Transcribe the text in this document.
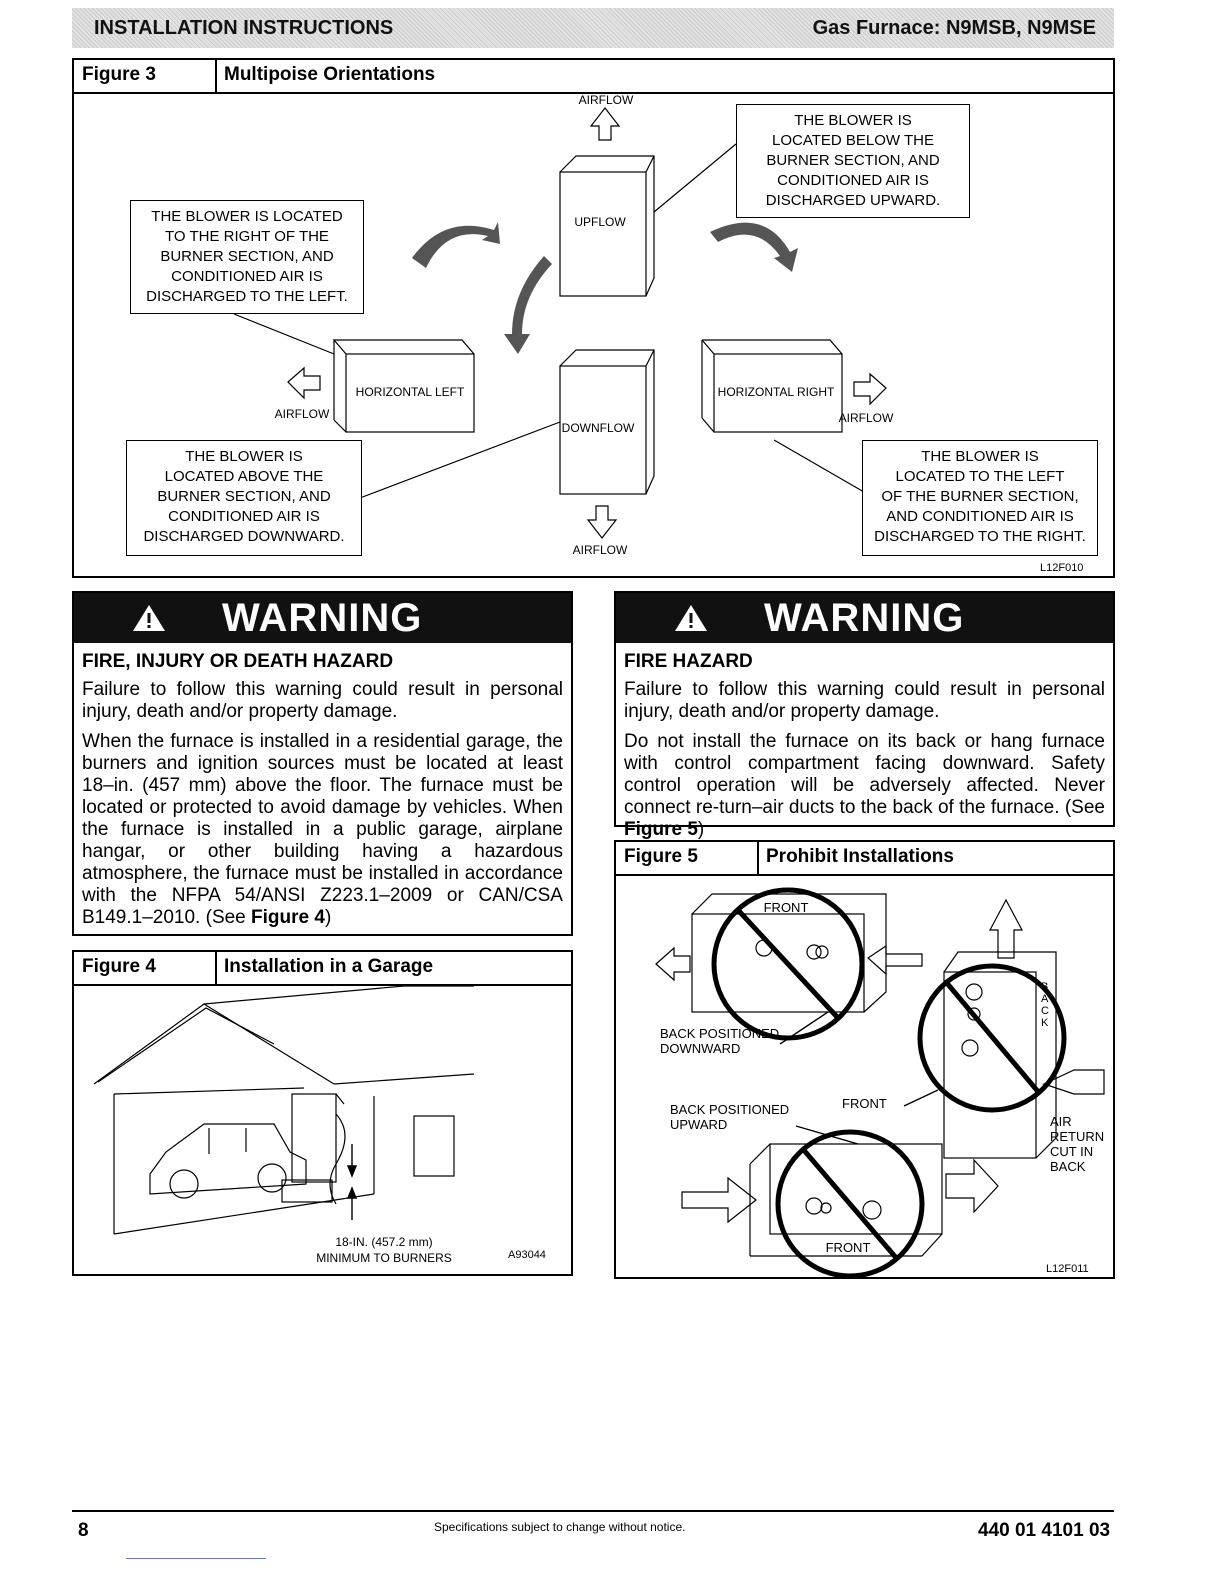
INSTALLATION INSTRUCTIONS	Gas Furnace: N9MSB, N9MSE
Figure 3	Multipoise Orientations
AIRFLOW
UPFLOW
HORIZONTAL LEFT
AIRFLOW
DOWNFLOW
AIRFLOW
HORIZONTAL RIGHT
AIRFLOW
THE BLOWER IS
LOCATED BELOW THE
BURNER SECTION, AND
CONDITIONED AIR IS
DISCHARGED UPWARD.
THE BLOWER IS LOCATED
TO THE RIGHT OF THE
BURNER SECTION, AND
CONDITIONED AIR IS
DISCHARGED TO THE LEFT.
THE BLOWER IS
LOCATED ABOVE THE
BURNER SECTION, AND
CONDITIONED AIR IS
DISCHARGED DOWNWARD.
THE BLOWER IS
LOCATED TO THE LEFT
OF THE BURNER SECTION,
AND CONDITIONED AIR IS
DISCHARGED TO THE RIGHT.
L12F010
WARNING
FIRE, INJURY OR DEATH HAZARD

Failure to follow this warning could result in personal injury, death and/or property damage.

When the furnace is installed in a residential garage, the burners and ignition sources must be located at least 18–in. (457 mm) above the floor. The furnace must be located or protected to avoid damage by vehicles. When the furnace is installed in a public garage, airplane hangar, or other building having a hazardous atmosphere, the furnace must be installed in accordance with the NFPA 54/ANSI Z223.1–2009 or CAN/CSA B149.1–2010. (See Figure 4)

WARNING
FIRE HAZARD

Failure to follow this warning could result in personal injury, death and/or property damage.

Do not install the furnace on its back or hang furnace with control compartment facing downward. Safety control operation will be adversely affected. Never connect re-turn–air ducts to the back of the furnace. (See Figure 5)

Figure 4	Installation in a Garage
18-IN. (457.2 mm)
MINIMUM TO BURNERS	A93044
Figure 5	Prohibit Installations
FRONT
BACK POSITIONED
DOWNWARD
BACK POSITIONED
UPWARD
FRONT
FRONT
B
A
C
K
AIR
RETURN
CUT IN
BACK
L12F011
8	Specifications subject to change without notice.	440 01 4101 03
